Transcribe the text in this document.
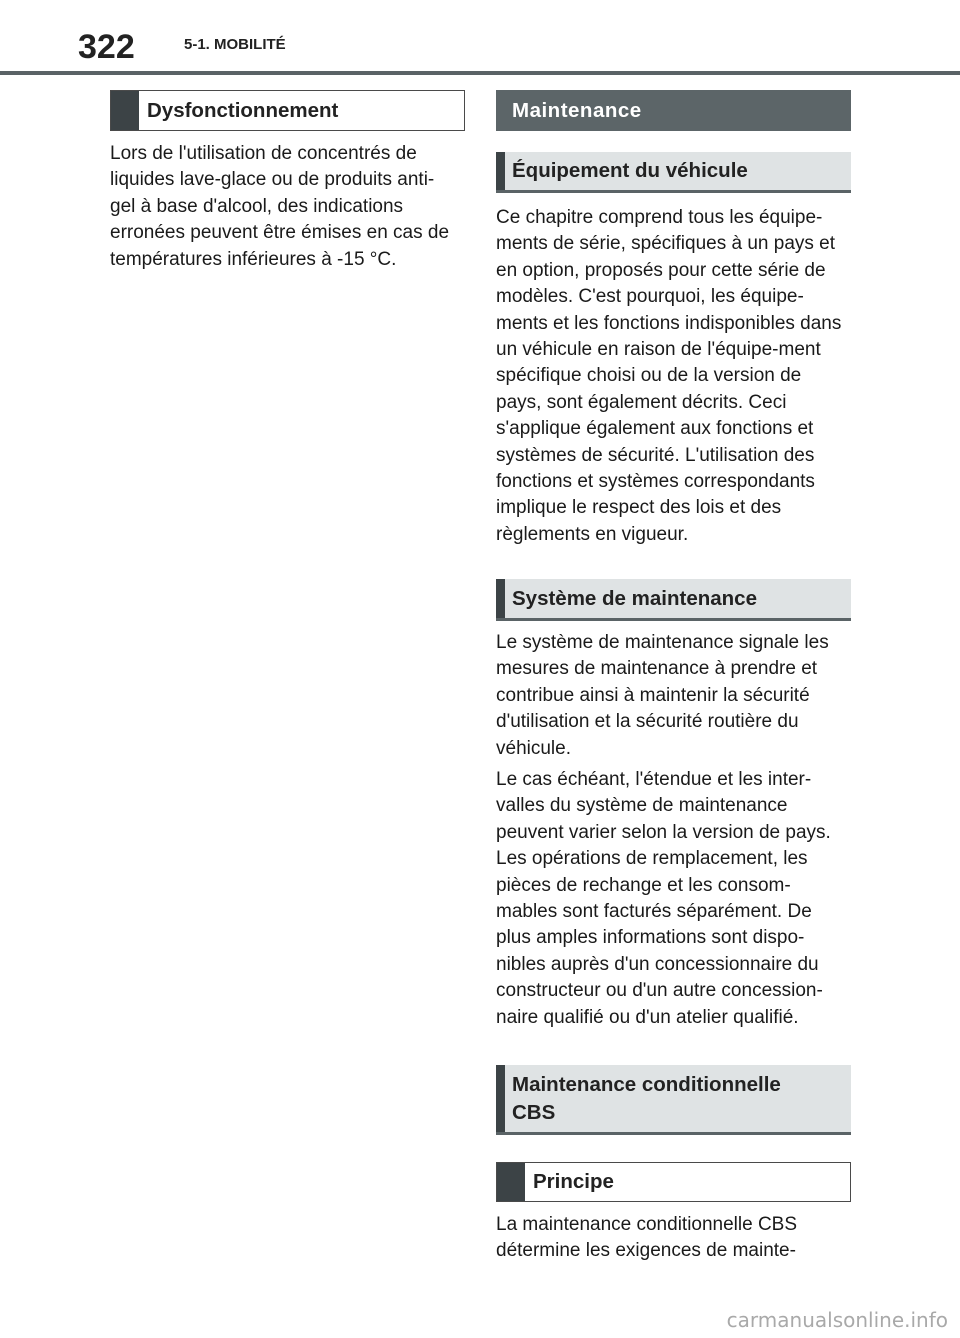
322	5-1. MOBILITÉ
Dysfonctionnement

Lors de l'utilisation de concentrés de liquides lave-glace ou de produits anti-gel à base d'alcool, des indications erronées peuvent être émises en cas de températures inférieures à -15 °C.

Maintenance
Équipement du véhicule

Ce chapitre comprend tous les équipe-ments de série, spécifiques à un pays et en option, proposés pour cette série de modèles. C'est pourquoi, les équipe-ments et les fonctions indisponibles dans un véhicule en raison de l'équipe-ment spécifique choisi ou de la version de pays, sont également décrits. Ceci s'applique également aux fonctions et systèmes de sécurité. L'utilisation des fonctions et systèmes correspondants implique le respect des lois et des règlements en vigueur.

Système de maintenance

Le système de maintenance signale les mesures de maintenance à prendre et contribue ainsi à maintenir la sécurité d'utilisation et la sécurité routière du véhicule.

Le cas échéant, l'étendue et les inter-valles du système de maintenance peuvent varier selon la version de pays. Les opérations de remplacement, les pièces de rechange et les consom-mables sont facturés séparément. De plus amples informations sont dispo-nibles auprès d'un concessionnaire du constructeur ou d'un autre concession-naire qualifié ou d'un atelier qualifié.

Maintenance conditionnelle CBS
Principe

La maintenance conditionnelle CBS détermine les exigences de mainte-

carmanualsonline.info
